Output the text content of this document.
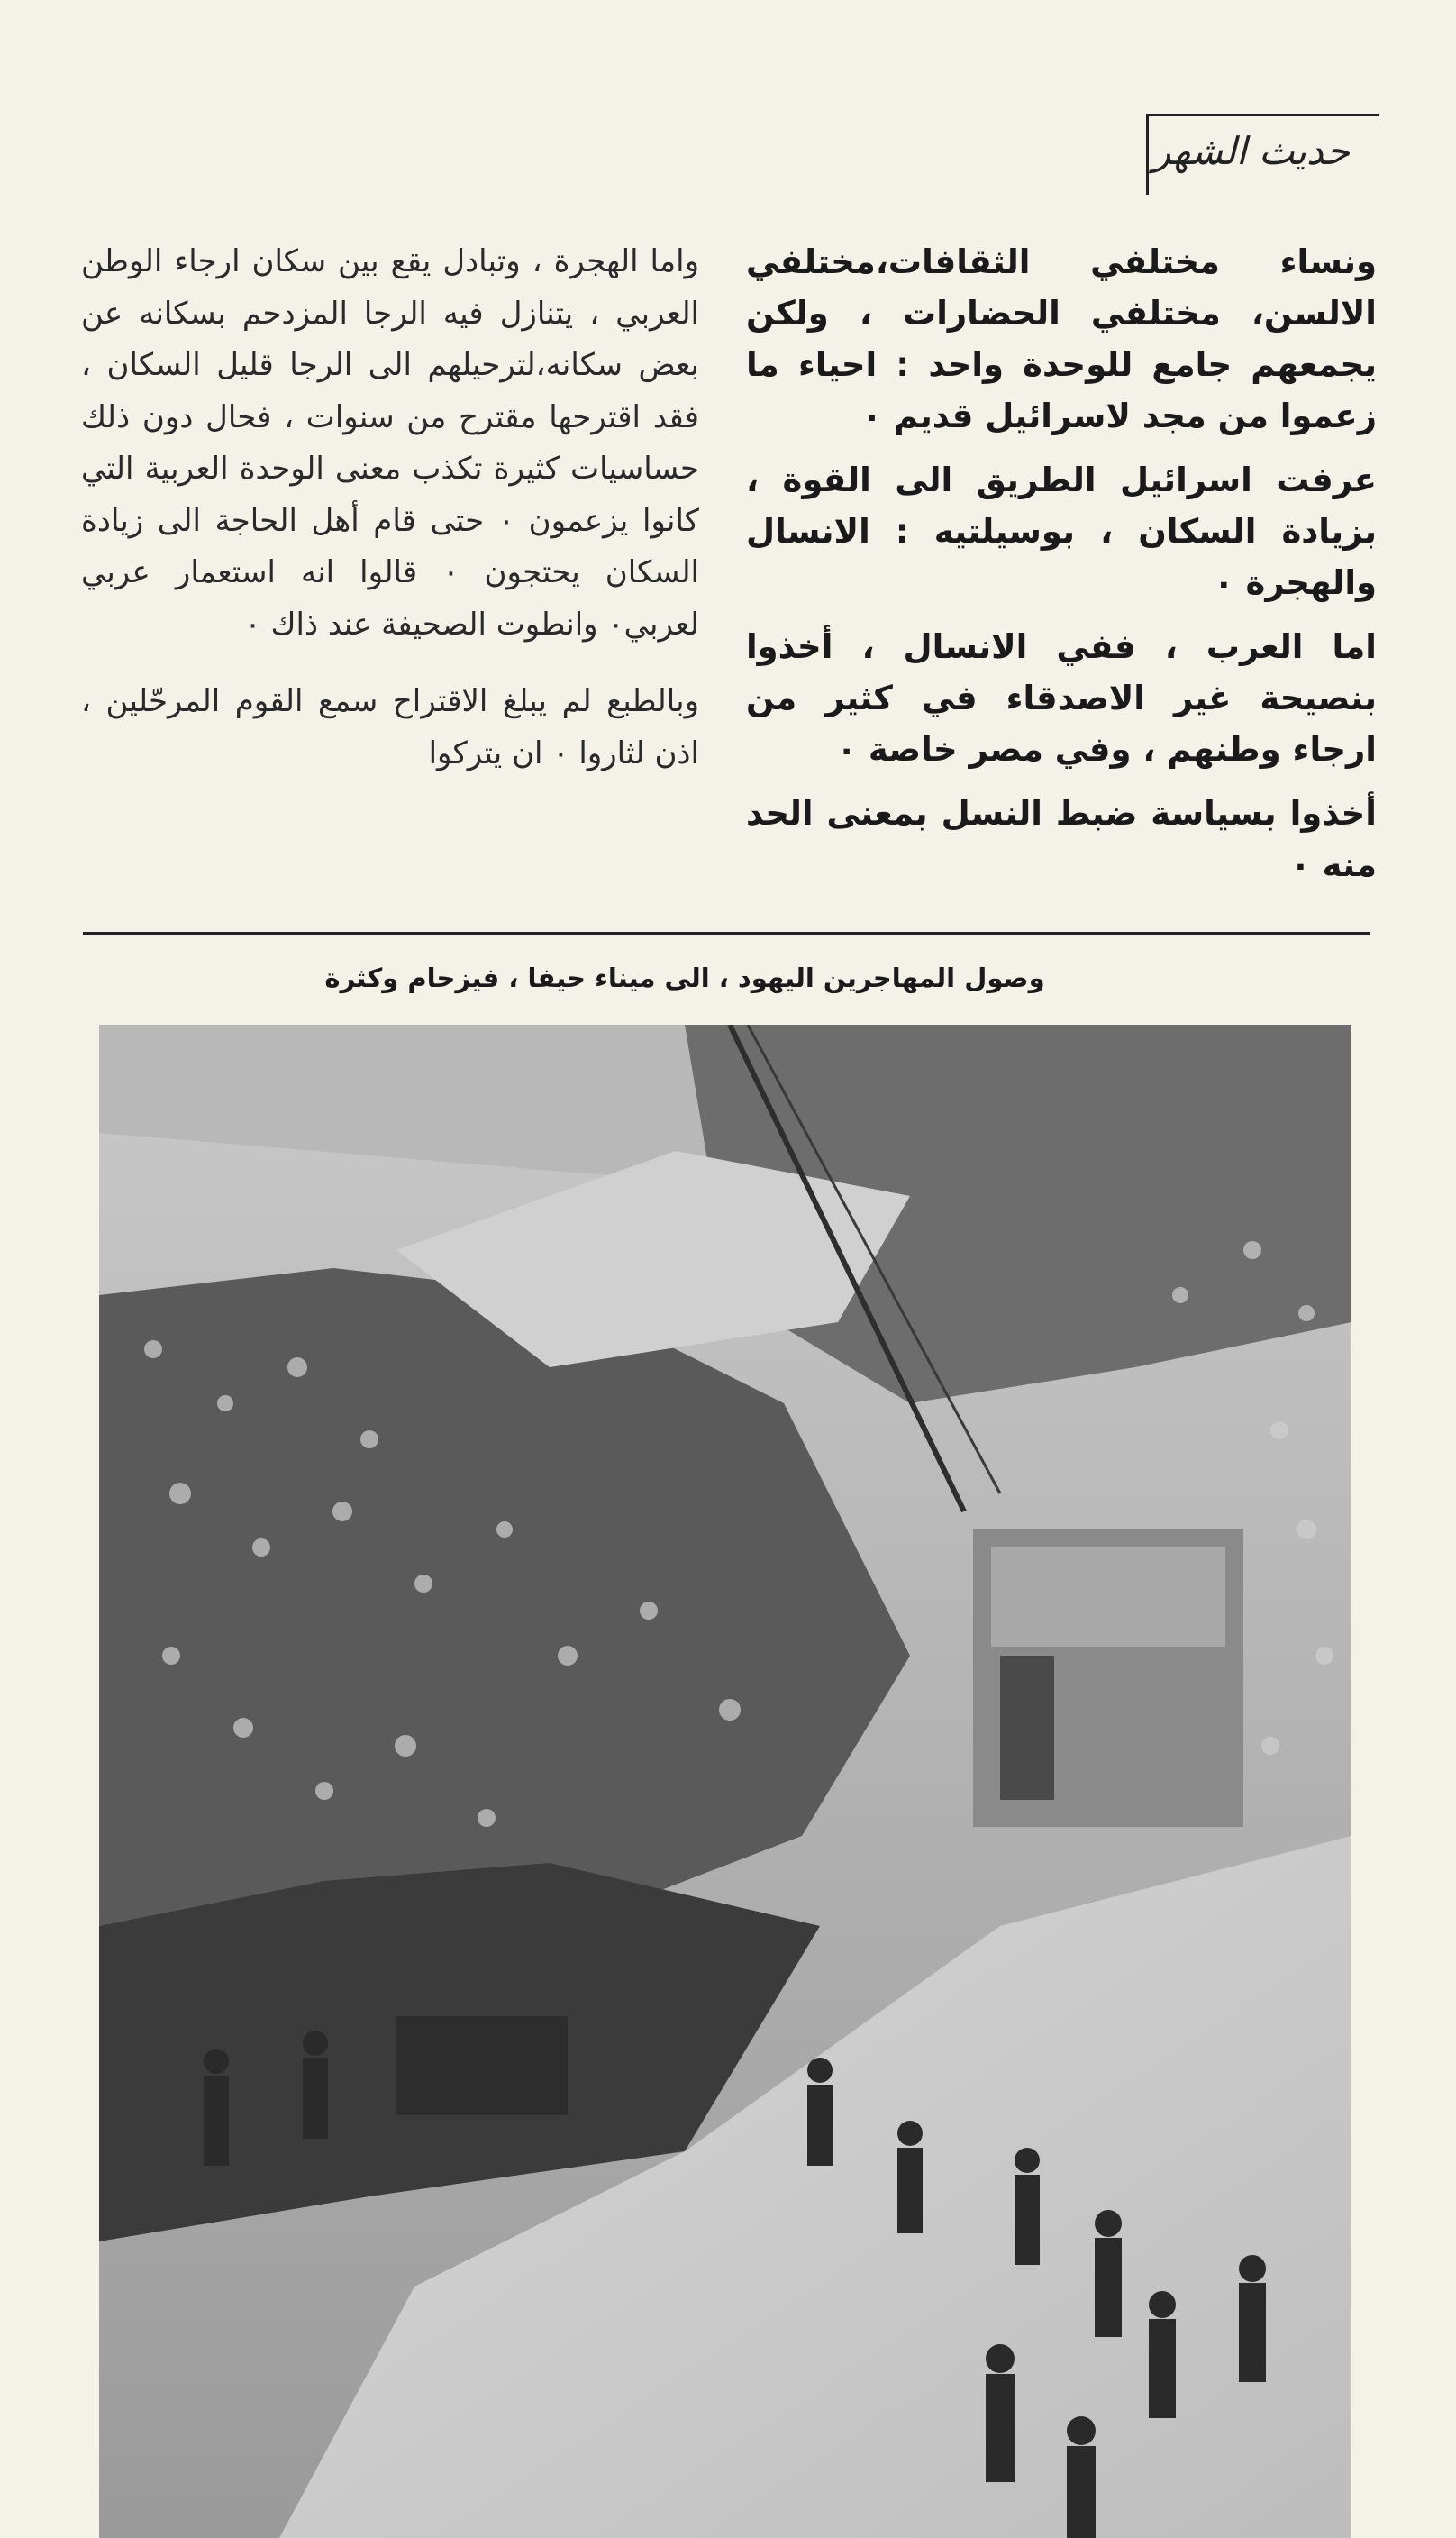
حديث الشهر

ونساء مختلفي الثقافات،مختلفي الالسن، مختلفي الحضارات ، ولكن يجمعهم جامع للوحدة واحد : احياء ما زعموا من مجد لاسرائيل قديم ٠

عرفت اسرائيل الطريق الى القوة ، بزيادة السكان ، بوسيلتيه : الانسال والهجرة ٠

اما العرب ، ففي الانسال ، أخذوا بنصيحة غير الاصدقاء في كثير من ارجاء وطنهم ، وفي مصر خاصة ٠

أخذوا بسياسة ضبط النسل بمعنى الحد منه ٠

واما الهجرة ، وتبادل يقع بين سكان ارجاء الوطن العربي ، يتنازل فيه الرجا المزدحم بسكانه عن بعض سكانه،لترحيلهم الى الرجا قليل السكان ، فقد اقترحها مقترح من سنوات ، فحال دون ذلك حساسيات كثيرة تكذب معنى الوحدة العربية التي كانوا يزعمون ٠ حتى قام أهل الحاجة الى زيادة السكان يحتجون ٠ قالوا انه استعمار عربي لعربي٠ وانطوت الصحيفة عند ذاك ٠

وبالطبع لم يبلغ الاقتراح سمع القوم المرحّلين ، اذن لثاروا ٠ ان يتركوا

وصول المهاجرين اليهود ، الى ميناء حيفا ، فيزحام وكثرة
